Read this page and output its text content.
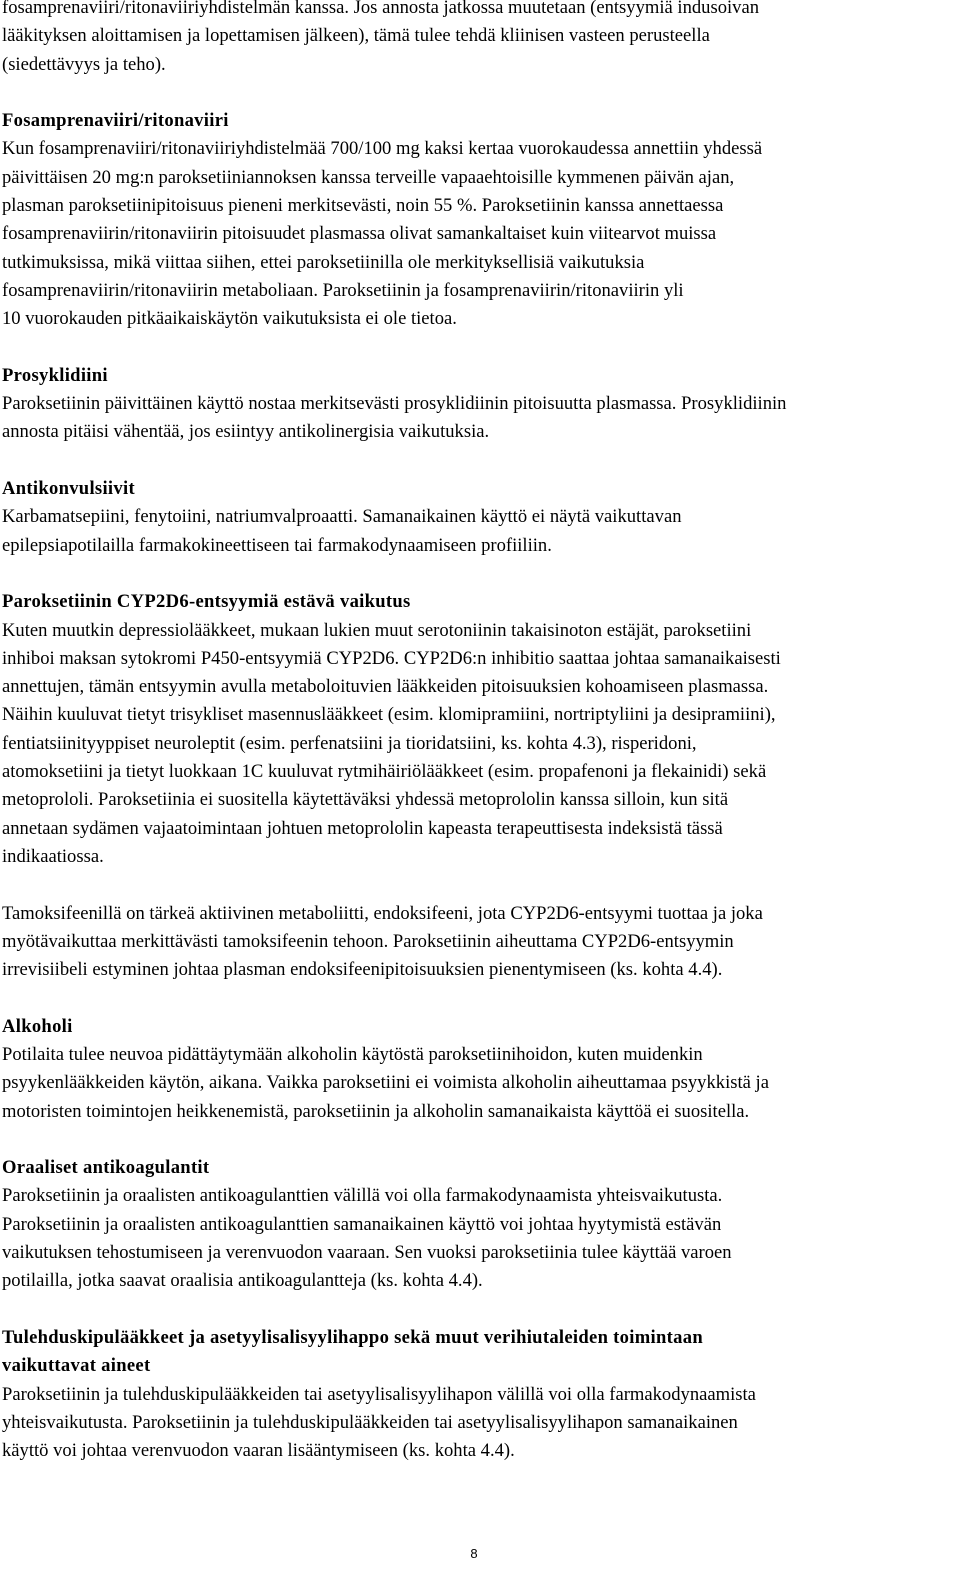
fosamprenaviiri/ritonaviiriyhdistelmän kanssa. Jos annosta jatkossa muutetaan (entsyymiä indusoivan
lääkityksen aloittamisen ja lopettamisen jälkeen), tämä tulee tehdä kliinisen vasteen perusteella
(siedettävyys ja teho).
Fosamprenaviiri/ritonaviiri
Kun fosamprenaviiri/ritonaviiriyhdistelmää 700/100 mg kaksi kertaa vuorokaudessa annettiin yhdessä
päivittäisen 20 mg:n paroksetiiniannoksen kanssa terveille vapaaehtoisille kymmenen päivän ajan,
plasman paroksetiinipitoisuus pieneni merkitsevästi, noin 55 %. Paroksetiinin kanssa annettaessa
fosamprenaviirin/ritonaviirin pitoisuudet plasmassa olivat samankaltaiset kuin viitearvot muissa
tutkimuksissa, mikä viittaa siihen, ettei paroksetiinilla ole merkityksellisiä vaikutuksia
fosamprenaviirin/ritonaviirin metaboliaan. Paroksetiinin ja fosamprenaviirin/ritonaviirin yli
10 vuorokauden pitkäaikaiskäytön vaikutuksista ei ole tietoa.
Prosyklidiini
Paroksetiinin päivittäinen käyttö nostaa merkitsevästi prosyklidiinin pitoisuutta plasmassa. Prosyklidiinin
annosta pitäisi vähentää, jos esiintyy antikolinergisia vaikutuksia.
Antikonvulsiivit
Karbamatsepiini, fenytoiini, natriumvalproaatti. Samanaikainen käyttö ei näytä vaikuttavan
epilepsiapotilailla farmakokineettiseen tai farmakodynaamiseen profiiliin.
Paroksetiinin CYP2D6-entsyymiä estävä vaikutus
Kuten muutkin depressiolääkkeet, mukaan lukien muut serotoniinin takaisinoton estäjät, paroksetiini
inhiboi maksan sytokromi P450-entsyymiä CYP2D6. CYP2D6:n inhibitio saattaa johtaa samanaikaisesti
annettujen, tämän entsyymin avulla metaboloituvien lääkkeiden pitoisuuksien kohoamiseen plasmassa.
Näihin kuuluvat tietyt trisykliset masennuslääkkeet (esim. klomipramiini, nortriptyliini ja desipramiini),
fentiatsiinityyppiset neuroleptit (esim. perfenatsiini ja tioridatsiini, ks. kohta 4.3), risperidoni,
atomoksetiini ja tietyt luokkaan 1C kuuluvat rytmihäiriölääkkeet (esim. propafenoni ja flekainidi) sekä
metoprololi. Paroksetiinia ei suositella käytettäväksi yhdessä metoprololin kanssa silloin, kun sitä
annetaan sydämen vajaatoimintaan johtuen metoprololin kapeasta terapeuttisesta indeksistä tässä
indikaatiossa.
Tamoksifeenillä on tärkeä aktiivinen metaboliitti, endoksifeeni, jota CYP2D6-entsyymi tuottaa ja joka
myötävaikuttaa merkittävästi tamoksifeenin tehoon. Paroksetiinin aiheuttama CYP2D6-entsyymin
irrevisiibeli estyminen johtaa plasman endoksifeenipitoisuuksien pienentymiseen (ks. kohta 4.4).
Alkoholi
Potilaita tulee neuvoa pidättäytymään alkoholin käytöstä paroksetiinihoidon, kuten muidenkin
psyykenlääkkeiden käytön, aikana. Vaikka paroksetiini ei voimista alkoholin aiheuttamaa psyykkistä ja
motoristen toimintojen heikkenemistä, paroksetiinin ja alkoholin samanaikaista käyttöä ei suositella.
Oraaliset antikoagulantit
Paroksetiinin ja oraalisten antikoagulanttien välillä voi olla farmakodynaamista yhteisvaikutusta.
Paroksetiinin ja oraalisten antikoagulanttien samanaikainen käyttö voi johtaa hyytymistä estävän
vaikutuksen tehostumiseen ja verenvuodon vaaraan. Sen vuoksi paroksetiinia tulee käyttää varoen
potilailla, jotka saavat oraalisia antikoagulantteja (ks. kohta 4.4).
Tulehduskipulääkkeet ja asetyylisalisyylihappo sekä muut verihiutaleiden toimintaan
vaikuttavat aineet
Paroksetiinin ja tulehduskipulääkkeiden tai asetyylisalisyylihapon välillä voi olla farmakodynaamista
yhteisvaikutusta. Paroksetiinin ja tulehduskipulääkkeiden tai asetyylisalisyylihapon samanaikainen
käyttö voi johtaa verenvuodon vaaran lisääntymiseen (ks. kohta 4.4).
8
